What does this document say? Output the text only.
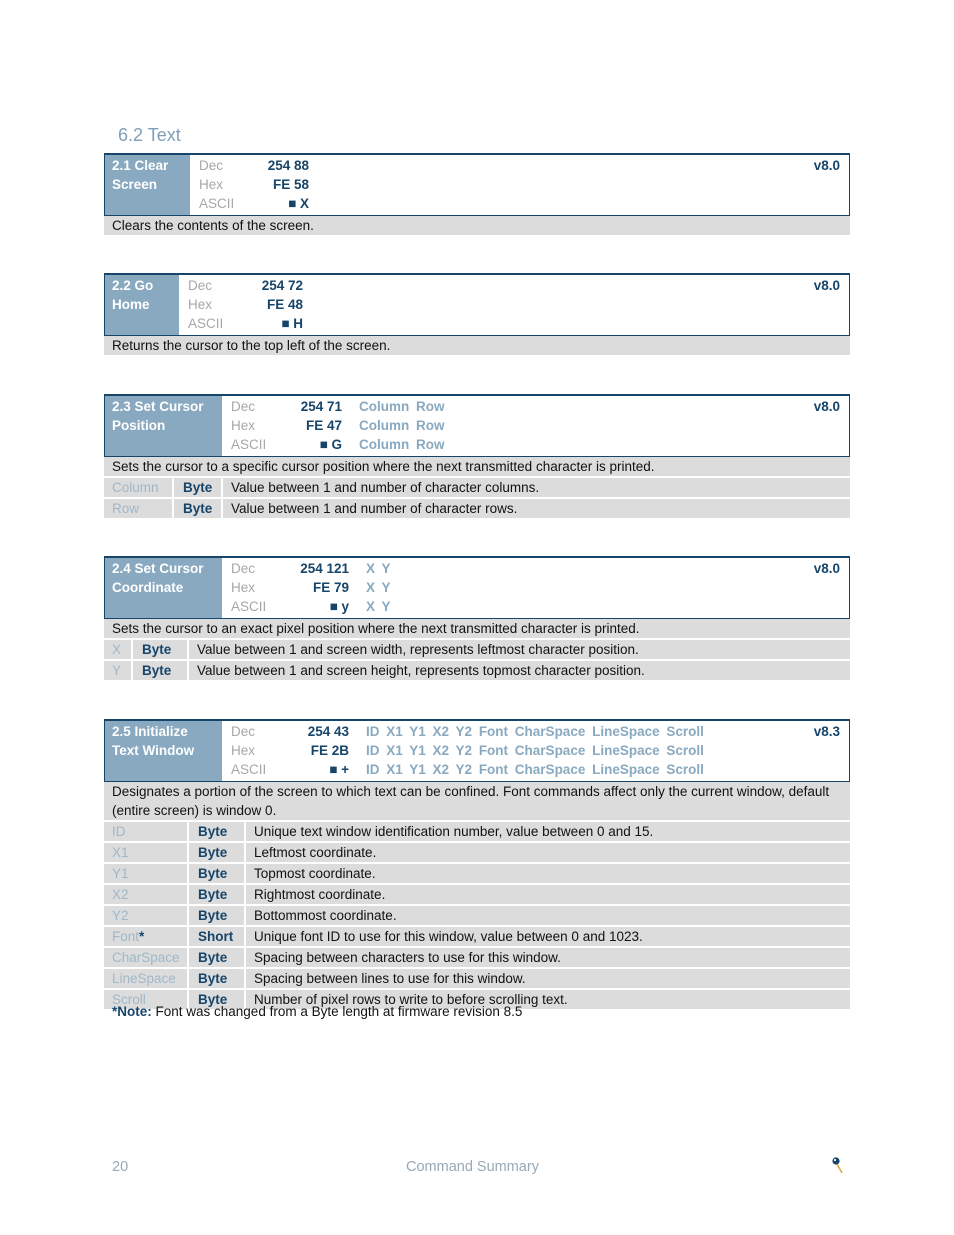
6.2 Text
2.1 Clear Screen
Dec	254 88
Hex	FE 58
ASCII	■ X
v8.0
Clears the contents of the screen.
2.2 Go Home
Dec	254 72
Hex	FE 48
ASCII	■ H
v8.0
Returns the cursor to the top left of the screen.
2.3 Set Cursor Position
Dec	254 71 Column Row
Hex	FE 47 Column Row
ASCII	■ G Column Row
v8.0
Sets the cursor to a specific cursor position where the next transmitted character is printed.
Column	Byte	Value between 1 and number of character columns.
Row	Byte	Value between 1 and number of character rows.
2.4 Set Cursor Coordinate
Dec	254 121 X Y
Hex	FE 79 X Y
ASCII	■ y X Y
v8.0
Sets the cursor to an exact pixel position where the next transmitted character is printed.
X	Byte	Value between 1 and screen width, represents leftmost character position.
Y	Byte	Value between 1 and screen height, represents topmost character position.
2.5 Initialize Text Window
Dec	254 43 ID X1 Y1 X2 Y2 Font CharSpace LineSpace Scroll
Hex	FE 2B ID X1 Y1 X2 Y2 Font CharSpace LineSpace Scroll
ASCII	■ + ID X1 Y1 X2 Y2 Font CharSpace LineSpace Scroll
v8.3
Designates a portion of the screen to which text can be confined. Font commands affect only the current window, default (entire screen) is window 0.
ID	Byte	Unique text window identification number, value between 0 and 15.
X1	Byte	Leftmost coordinate.
Y1	Byte	Topmost coordinate.
X2	Byte	Rightmost coordinate.
Y2	Byte	Bottommost coordinate.
Font*	Short	Unique font ID to use for this window, value between 0 and 1023.
CharSpace	Byte	Spacing between characters to use for this window.
LineSpace	Byte	Spacing between lines to use for this window.
Scroll	Byte	Number of pixel rows to write to before scrolling text.
*Note: Font was changed from a Byte length at firmware revision 8.5
20	Command Summary
